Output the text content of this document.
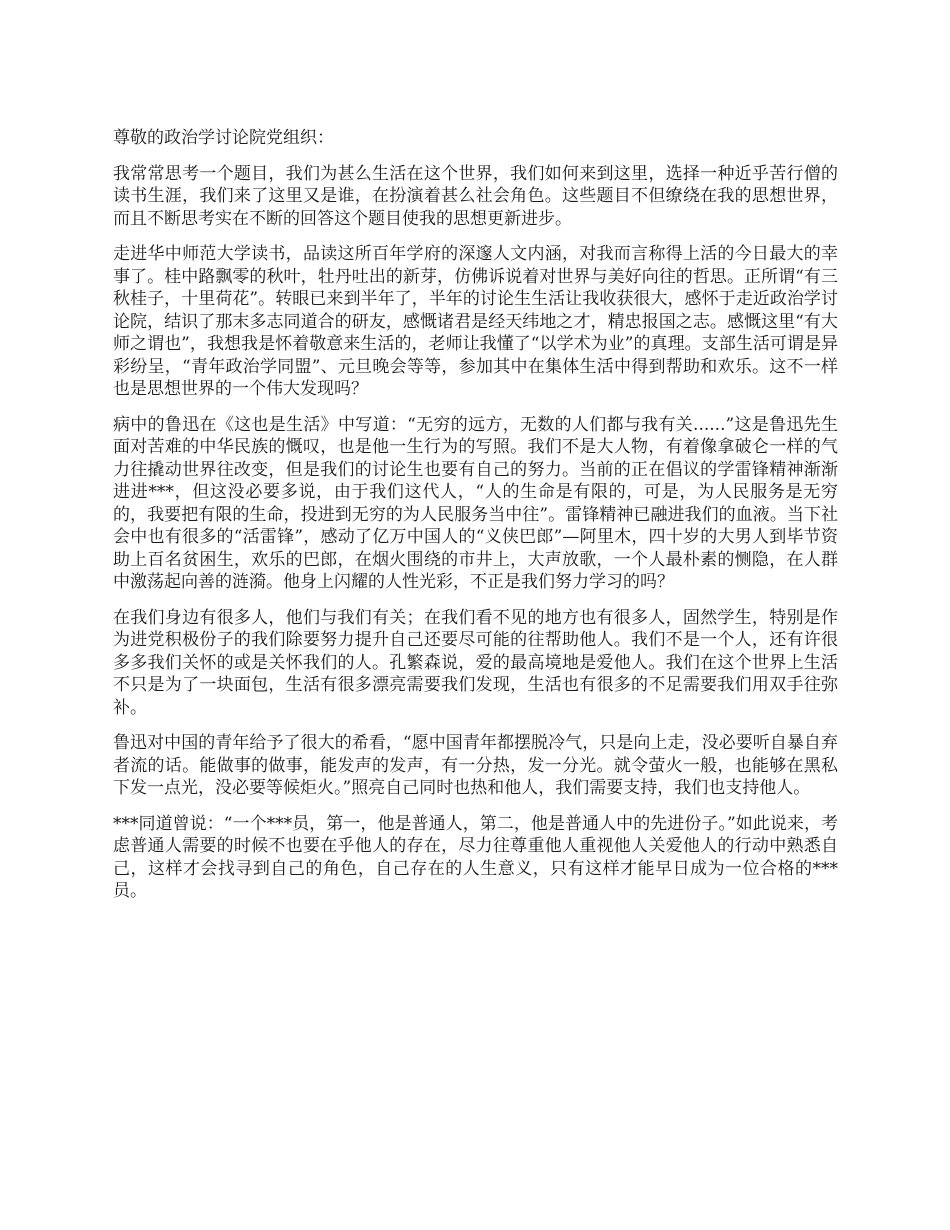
尊敬的政治学讨论院党组织：

我常常思考一个题目，我们为甚么生活在这个世界，我们如何来到这里，选择一种近乎苦行僧的读书生涯，我们来了这里又是谁，在扮演着甚么社会角色。这些题目不但缭绕在我的思想世界，而且不断思考实在不断的回答这个题目使我的思想更新进步。

走进华中师范大学读书，品读这所百年学府的深邃人文内涵，对我而言称得上活的今日最大的幸事了。桂中路飘零的秋叶，牡丹吐出的新芽，仿佛诉说着对世界与美好向往的哲思。正所谓“有三秋桂子，十里荷花”。转眼已来到半年了，半年的讨论生生活让我收获很大，感怀于走近政治学讨论院，结识了那末多志同道合的研友，感慨诸君是经天纬地之才，精忠报国之志。感慨这里“有大师之谓也”，我想我是怀着敬意来生活的，老师让我懂了“以学术为业”的真理。支部生活可谓是异彩纷呈，“青年政治学同盟”、元旦晚会等等，参加其中在集体生活中得到帮助和欢乐。这不一样也是思想世界的一个伟大发现吗？

病中的鲁迅在《这也是生活》中写道：“无穷的远方，无数的人们都与我有关......”这是鲁迅先生面对苦难的中华民族的慨叹，也是他一生行为的写照。我们不是大人物，有着像拿破仑一样的气力往撬动世界往改变，但是我们的讨论生也要有自己的努力。当前的正在倡议的学雷锋精神渐渐进进***，但这没必要多说，由于我们这代人，“人的生命是有限的，可是，为人民服务是无穷的，我要把有限的生命，投进到无穷的为人民服务当中往”。雷锋精神已融进我们的血液。当下社会中也有很多的“活雷锋”，感动了亿万中国人的“义侠巴郎”—阿里木，四十岁的大男人到毕节资助上百名贫困生，欢乐的巴郎，在烟火围绕的市井上，大声放歌，一个人最朴素的恻隐，在人群中激荡起向善的涟漪。他身上闪耀的人性光彩，不正是我们努力学习的吗？

在我们身边有很多人，他们与我们有关；在我们看不见的地方也有很多人，固然学生，特别是作为进党积极份子的我们除要努力提升自己还要尽可能的往帮助他人。我们不是一个人，还有许很多多我们关怀的或是关怀我们的人。孔繁森说，爱的最高境地是爱他人。我们在这个世界上生活不只是为了一块面包，生活有很多漂亮需要我们发现，生活也有很多的不足需要我们用双手往弥补。

鲁迅对中国的青年给予了很大的希看，“愿中国青年都摆脱冷气，只是向上走，没必要听自暴自弃者流的话。能做事的做事，能发声的发声，有一分热，发一分光。就令萤火一般，也能够在黑私下发一点光，没必要等候炬火。”照亮自己同时也热和他人，我们需要支持，我们也支持他人。

***同道曾说：“一个***员，第一，他是普通人，第二，他是普通人中的先进份子。”如此说来，考虑普通人需要的时候不也要在乎他人的存在，尽力往尊重他人重视他人关爱他人的行动中熟悉自己，这样才会找寻到自己的角色，自己存在的人生意义，只有这样才能早日成为一位合格的***员。
